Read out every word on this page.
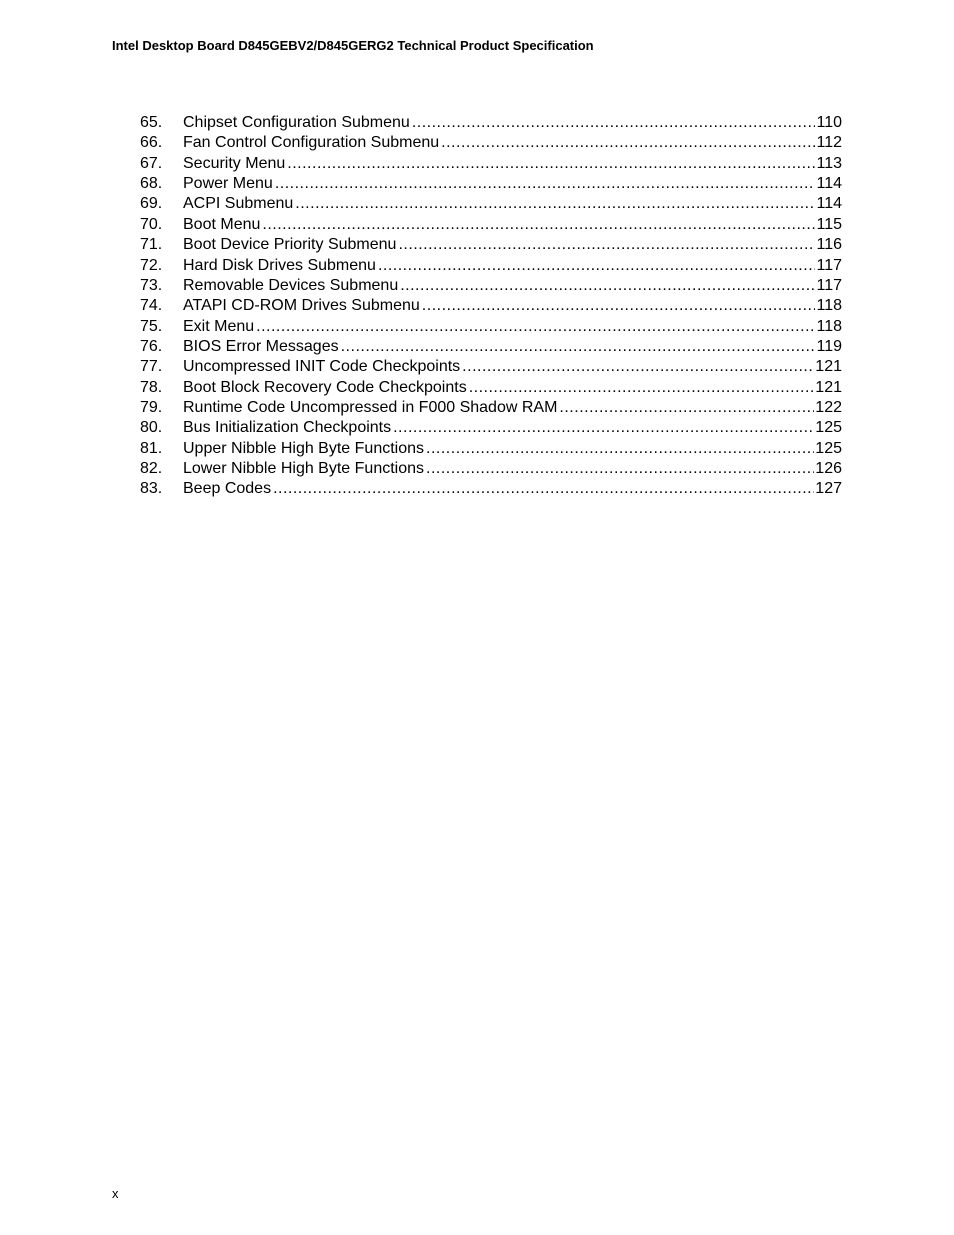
Intel Desktop Board D845GEBV2/D845GERG2 Technical Product Specification
65.	Chipset Configuration Submenu .....	110
66.	Fan Control Configuration Submenu .....	112
67.	Security Menu .....	113
68.	Power Menu .....	114
69.	ACPI Submenu .....	114
70.	Boot Menu .....	115
71.	Boot Device Priority Submenu .....	116
72.	Hard Disk Drives Submenu .....	117
73.	Removable Devices Submenu .....	117
74.	ATAPI CD-ROM Drives Submenu .....	118
75.	Exit Menu .....	118
76.	BIOS Error Messages .....	119
77.	Uncompressed INIT Code Checkpoints .....	121
78.	Boot Block Recovery Code Checkpoints .....	121
79.	Runtime Code Uncompressed in F000 Shadow RAM .....	122
80.	Bus Initialization Checkpoints .....	125
81.	Upper Nibble High Byte Functions .....	125
82.	Lower Nibble High Byte Functions .....	126
83.	Beep Codes .....	127
x
